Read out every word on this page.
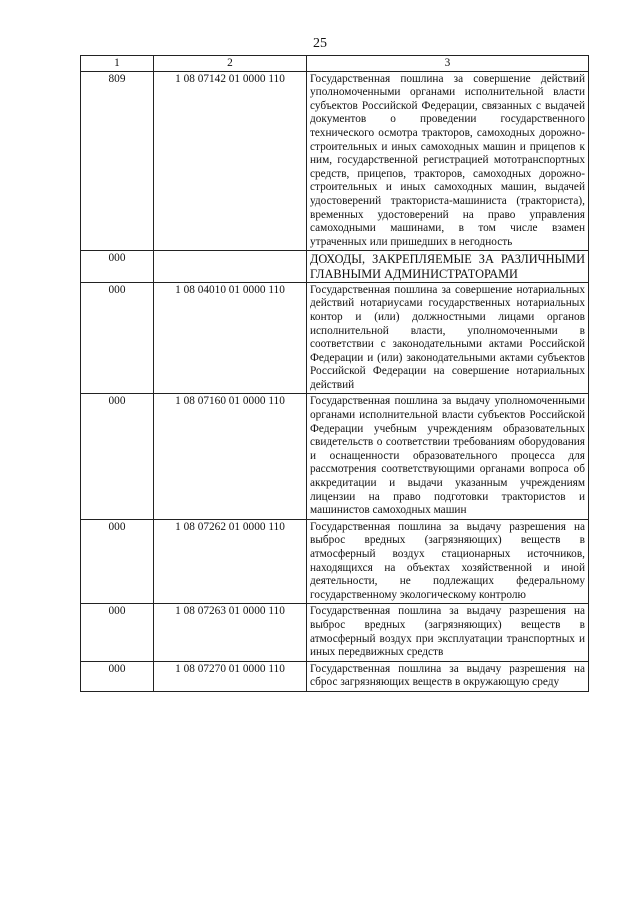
25
1	2	3
809	1 08 07142 01 0000 110	Государственная пошлина за совершение действий уполномоченными органами исполнительной власти субъектов Российской Федерации, связанных с выдачей документов о проведении государственного технического осмотра тракторов, самоходных дорожно-строительных и иных самоходных машин и прицепов к ним, государственной регистрацией мототранспортных средств, прицепов, тракторов, самоходных дорожно-строительных и иных самоходных машин, выдачей удостоверений тракториста-машиниста (тракториста), временных удостоверений на право управления самоходными машинами, в том числе взамен утраченных или пришедших в негодность
000		ДОХОДЫ, ЗАКРЕПЛЯЕМЫЕ ЗА РАЗЛИЧНЫМИ ГЛАВНЫМИ АДМИНИСТРАТОРАМИ
000	1 08 04010 01 0000 110	Государственная пошлина за совершение нотариальных действий нотариусами государственных нотариальных контор и (или) должностными лицами органов исполнительной власти, уполномоченными в соответствии с законодательными актами Российской Федерации и (или) законодательными актами субъектов Российской Федерации на совершение нотариальных действий
000	1 08 07160 01 0000 110	Государственная пошлина за выдачу уполномоченными органами исполнительной власти субъектов Российской Федерации учебным учреждениям образовательных свидетельств о соответствии требованиям оборудования и оснащенности образовательного процесса для рассмотрения соответствующими органами вопроса об аккредитации и выдачи указанным учреждениям лицензии на право подготовки трактористов и машинистов самоходных машин
000	1 08 07262 01 0000 110	Государственная пошлина за выдачу разрешения на выброс вредных (загрязняющих) веществ в атмосферный воздух стационарных источников, находящихся на объектах хозяйственной и иной деятельности, не подлежащих федеральному государственному экологическому контролю
000	1 08 07263 01 0000 110	Государственная пошлина за выдачу разрешения на выброс вредных (загрязняющих) веществ в атмосферный воздух при эксплуатации транспортных и иных передвижных средств
000	1 08 07270 01 0000 110	Государственная пошлина за выдачу разрешения на сброс загрязняющих веществ в окружающую среду
